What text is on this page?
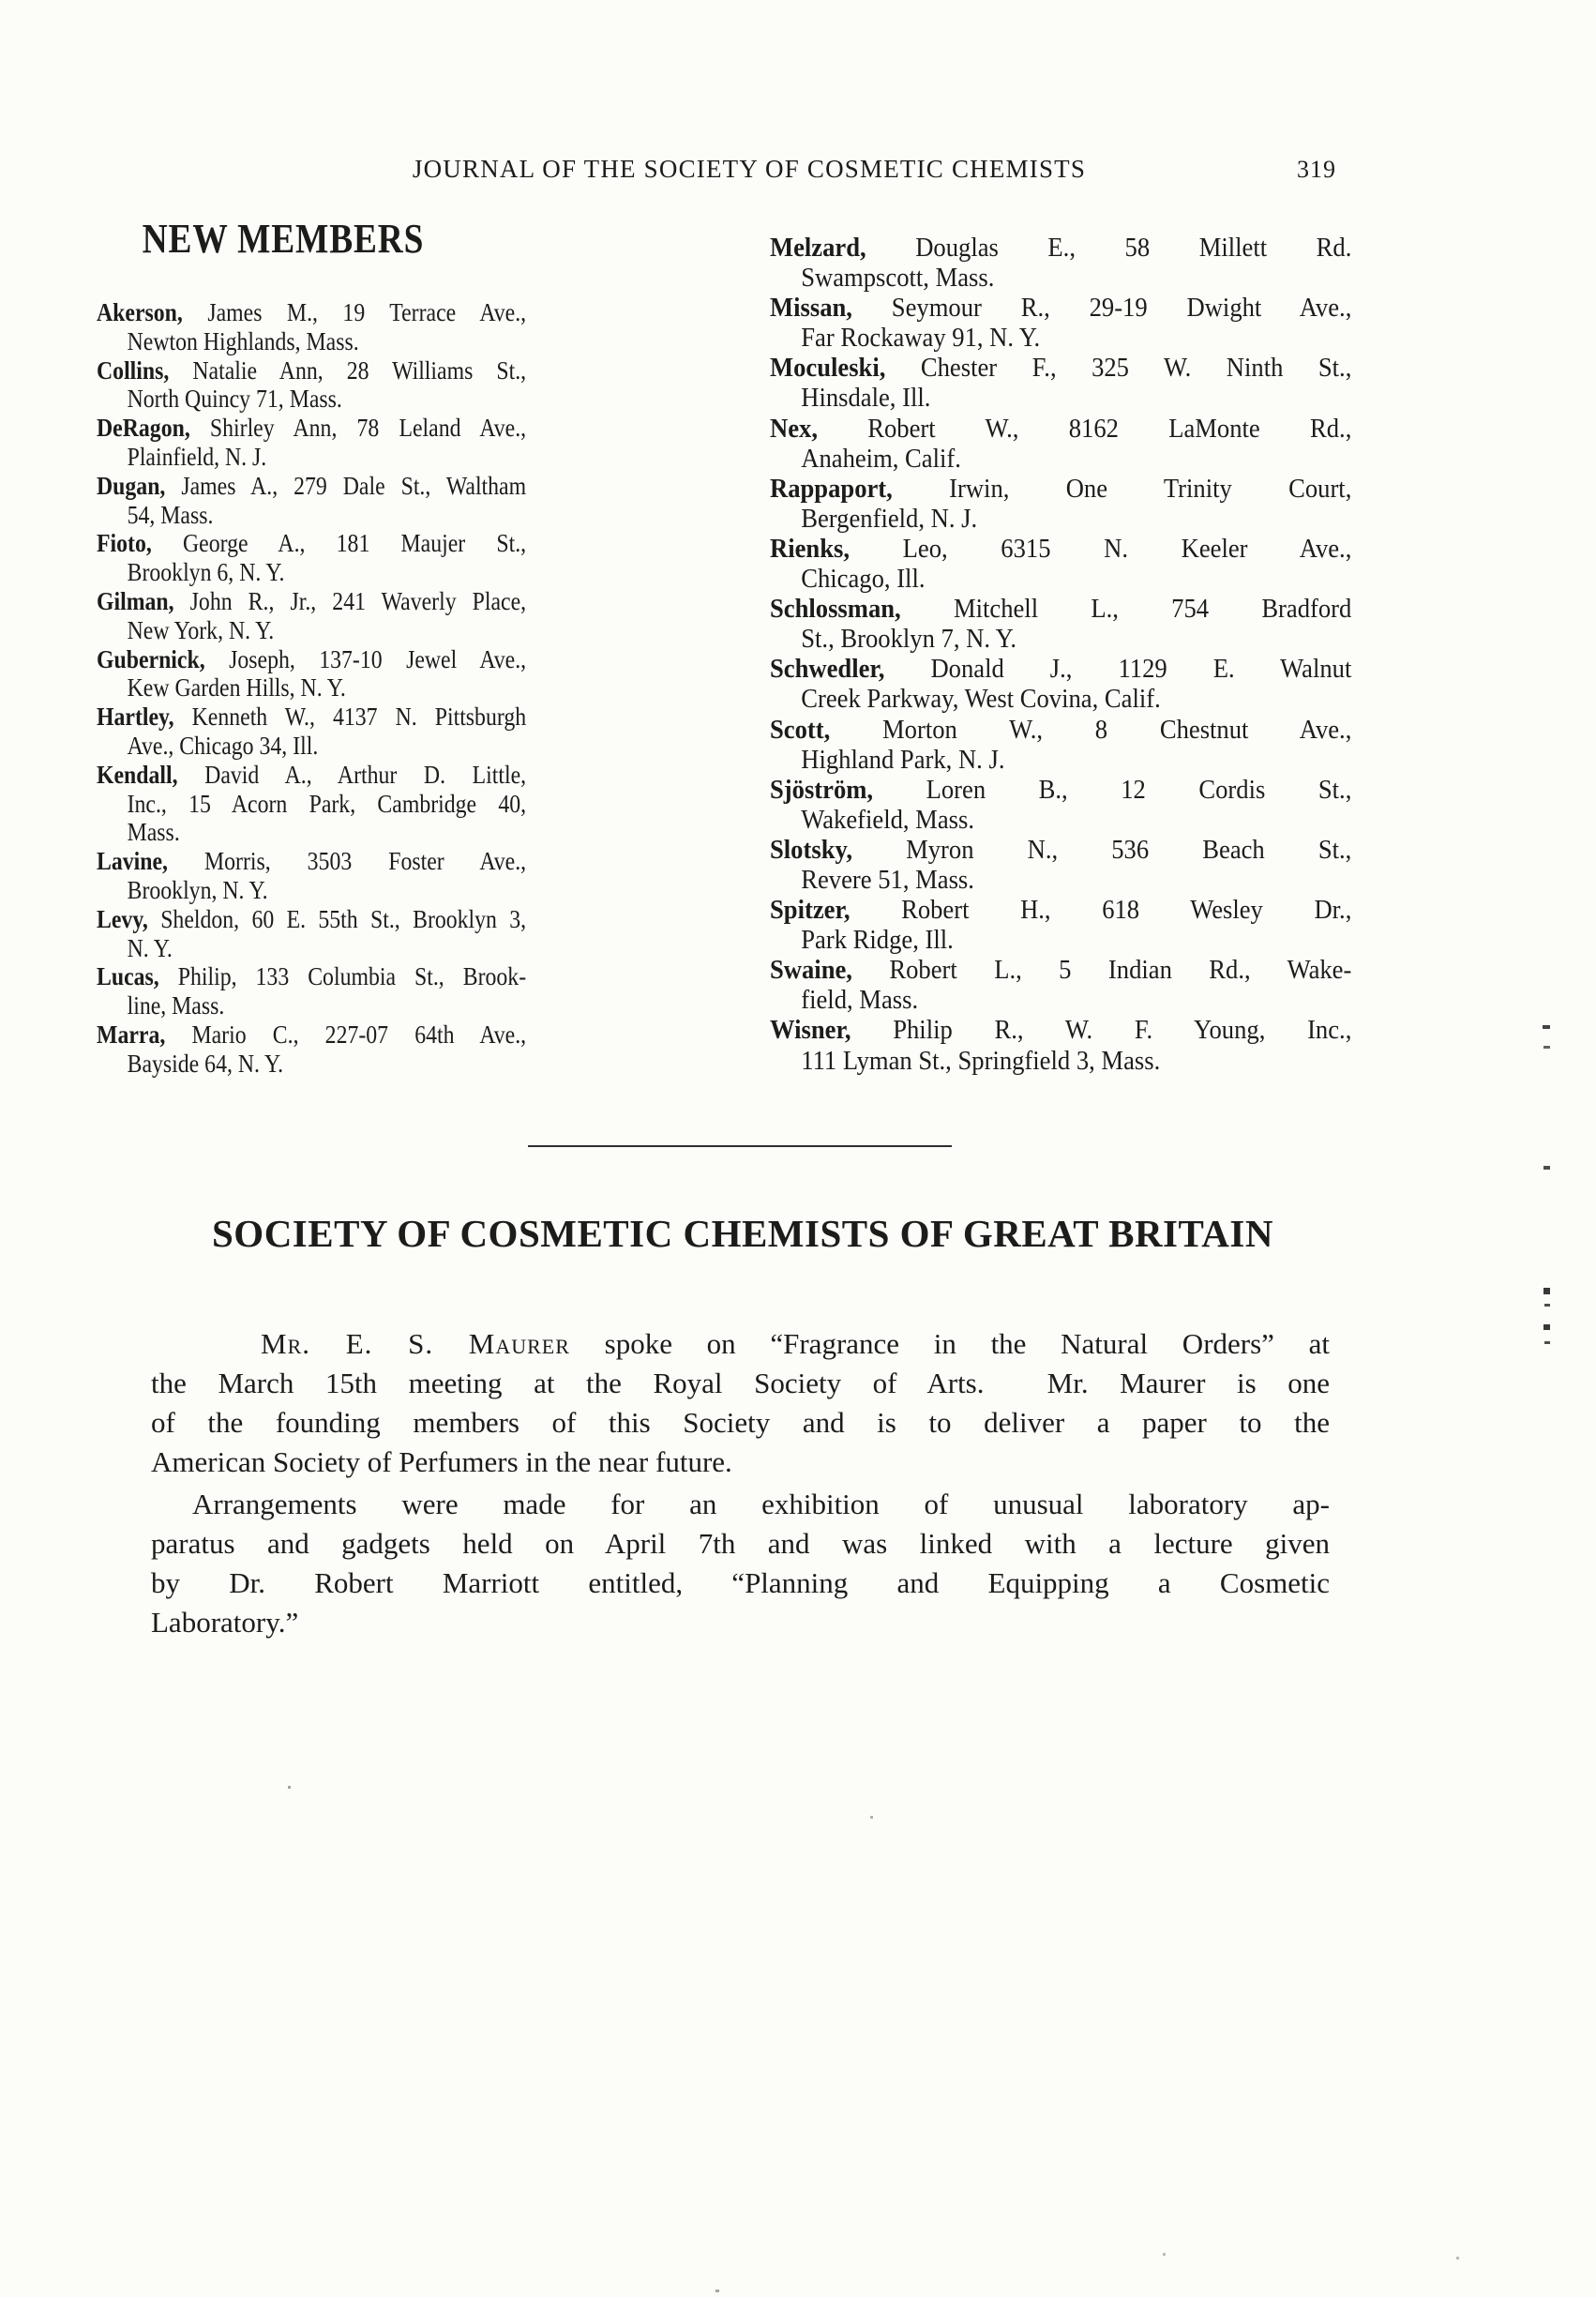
JOURNAL OF THE SOCIETY OF COSMETIC CHEMISTS	319
NEW MEMBERS
Akerson, James M., 19 Terrace Ave.,
Newton Highlands, Mass.
Collins, Natalie Ann, 28 Williams St.,
North Quincy 71, Mass.
DeRagon, Shirley Ann, 78 Leland Ave.,
Plainfield, N. J.
Dugan, James A., 279 Dale St., Waltham
54, Mass.
Fioto, George A., 181 Maujer St.,
Brooklyn 6, N. Y.
Gilman, John R., Jr., 241 Waverly Place,
New York, N. Y.
Gubernick, Joseph, 137-10 Jewel Ave.,
Kew Garden Hills, N. Y.
Hartley, Kenneth W., 4137 N. Pittsburgh
Ave., Chicago 34, Ill.
Kendall, David A., Arthur D. Little,
Inc., 15 Acorn Park, Cambridge 40,
Mass.
Lavine, Morris, 3503 Foster Ave.,
Brooklyn, N. Y.
Levy, Sheldon, 60 E. 55th St., Brooklyn 3,
N. Y.
Lucas, Philip, 133 Columbia St., Brook-
line, Mass.
Marra, Mario C., 227-07 64th Ave.,
Bayside 64, N. Y.
Melzard, Douglas E., 58 Millett Rd.
Swampscott, Mass.
Missan, Seymour R., 29-19 Dwight Ave.,
Far Rockaway 91, N. Y.
Moculeski, Chester F., 325 W. Ninth St.,
Hinsdale, Ill.
Nex, Robert W., 8162 LaMonte Rd.,
Anaheim, Calif.
Rappaport, Irwin, One Trinity Court,
Bergenfield, N. J.
Rienks, Leo, 6315 N. Keeler Ave.,
Chicago, Ill.
Schlossman, Mitchell L., 754 Bradford
St., Brooklyn 7, N. Y.
Schwedler, Donald J., 1129 E. Walnut
Creek Parkway, West Covina, Calif.
Scott, Morton W., 8 Chestnut Ave.,
Highland Park, N. J.
Sjöström, Loren B., 12 Cordis St.,
Wakefield, Mass.
Slotsky, Myron N., 536 Beach St.,
Revere 51, Mass.
Spitzer, Robert H., 618 Wesley Dr.,
Park Ridge, Ill.
Swaine, Robert L., 5 Indian Rd., Wake-
field, Mass.
Wisner, Philip R., W. F. Young, Inc.,
111 Lyman St., Springfield 3, Mass.
SOCIETY OF COSMETIC CHEMISTS OF GREAT BRITAIN
Mr. E. S. Maurer spoke on “Fragrance in the Natural Orders” at
the March 15th meeting at the Royal Society of Arts.  Mr. Maurer is one
of the founding members of this Society and is to deliver a paper to the
American Society of Perfumers in the near future.
Arrangements were made for an exhibition of unusual laboratory ap-
paratus and gadgets held on April 7th and was linked with a lecture given
by Dr. Robert Marriott entitled, “Planning and Equipping a Cosmetic
Laboratory.”
